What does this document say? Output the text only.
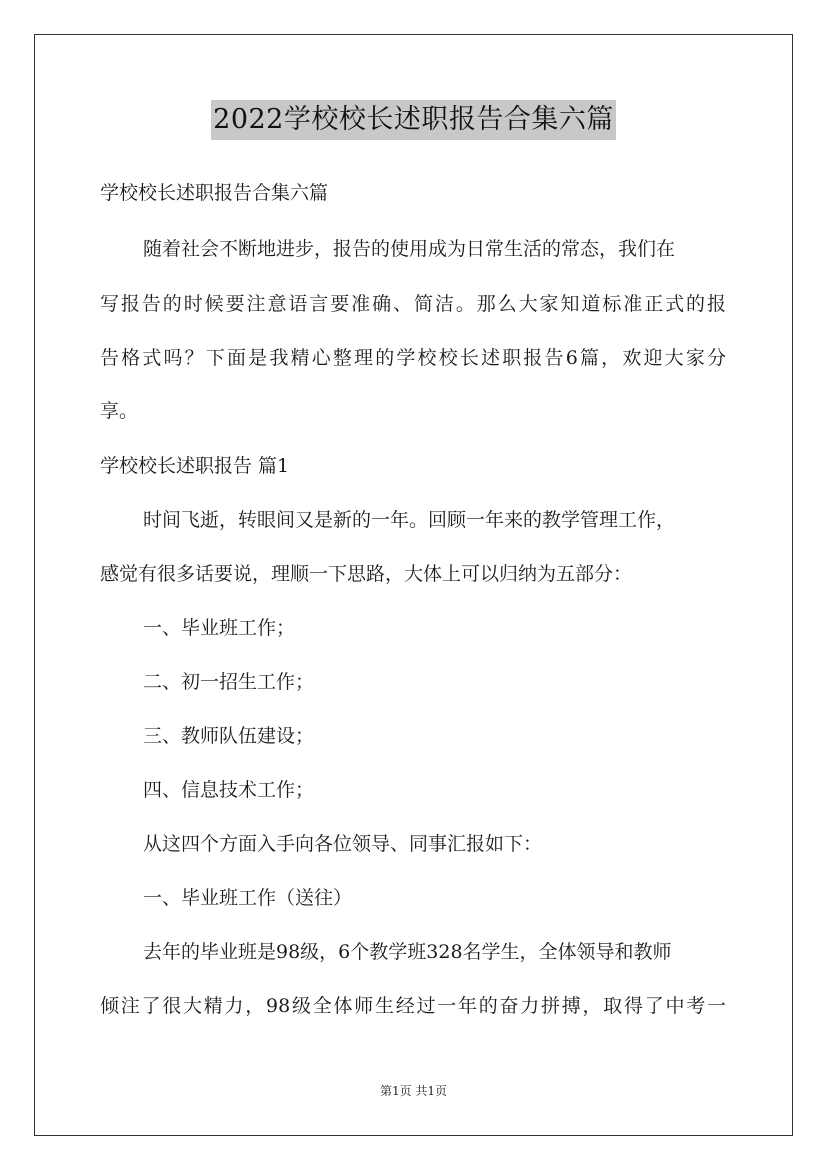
2022学校校长述职报告合集六篇
学校校长述职报告合集六篇
随着社会不断地进步，报告的使用成为日常生活的常态，我们在
写报告的时候要注意语言要准确、简洁。那么大家知道标准正式的报
告格式吗？下面是我精心整理的学校校长述职报告6篇，欢迎大家分
享。
学校校长述职报告 篇1
时间飞逝，转眼间又是新的一年。回顾一年来的教学管理工作，
感觉有很多话要说，理顺一下思路，大体上可以归纳为五部分：
一、毕业班工作；
二、初一招生工作；
三、教师队伍建设；
四、信息技术工作；
从这四个方面入手向各位领导、同事汇报如下：
一、毕业班工作（送往）
去年的毕业班是98级，6个教学班328名学生，全体领导和教师
倾注了很大精力，98级全体师生经过一年的奋力拼搏，取得了中考一
第1页 共1页
